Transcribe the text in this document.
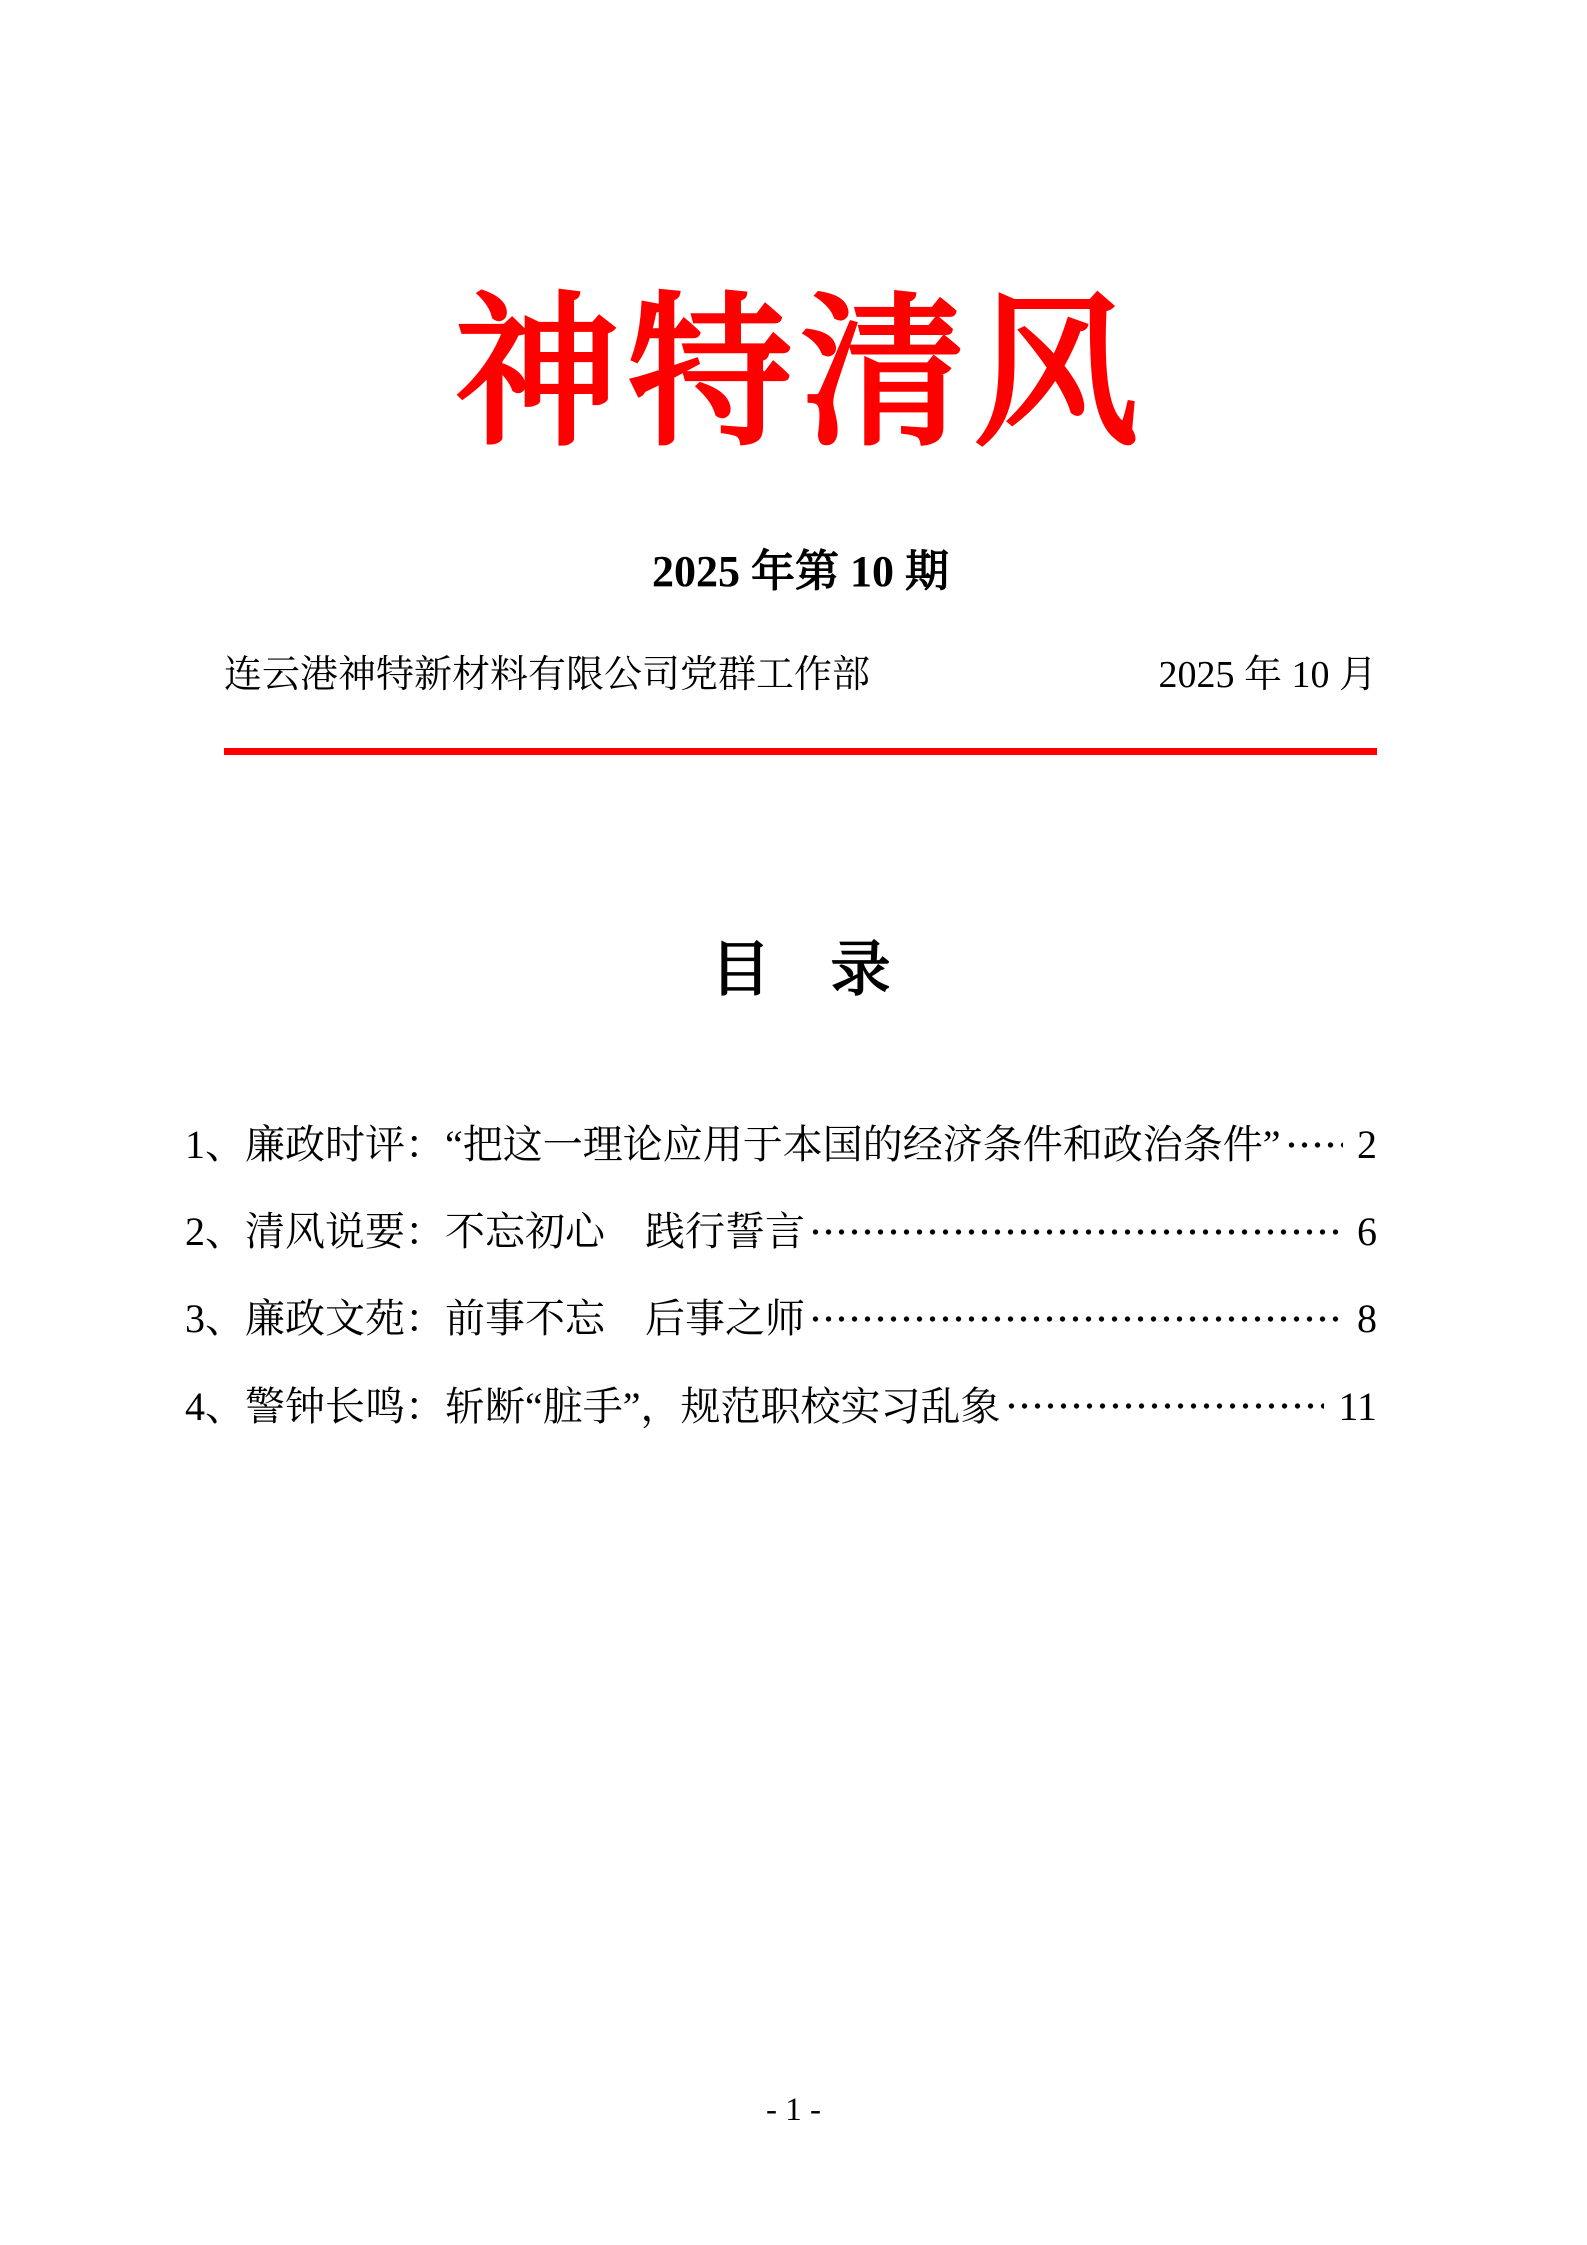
神特清风
2025 年第 10 期
连云港神特新材料有限公司党群工作部	2025 年 10 月
目　录
1、廉政时评：“把这一理论应用于本国的经济条件和政治条件”	2
2、清风说要：不忘初心　践行誓言	6
3、廉政文苑：前事不忘　后事之师	8
4、警钟长鸣：斩断“脏手”，规范职校实习乱象	11
- 1 -
